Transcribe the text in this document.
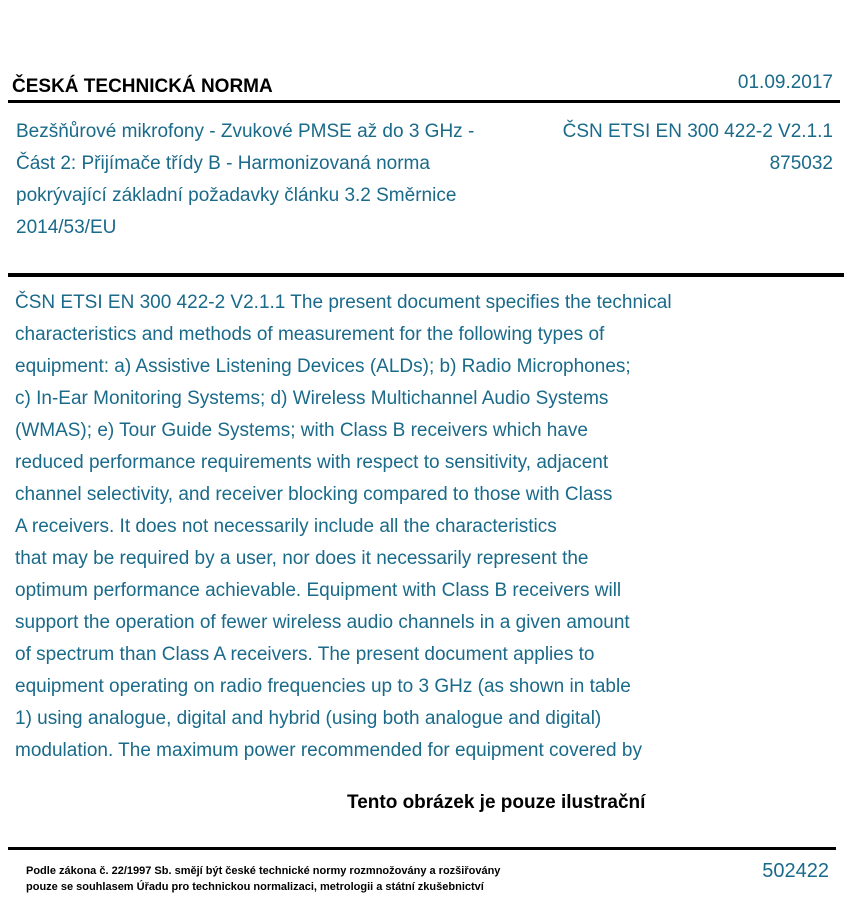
ČESKÁ TECHNICKÁ NORMA	01.09.2017
Bezšňůrové mikrofony - Zvukové PMSE až do 3 GHz - Část 2: Přijímače třídy B - Harmonizovaná norma pokrývající základní požadavky článku 3.2 Směrnice 2014/53/EU
ČSN ETSI EN 300 422-2 V2.1.1
875032
ČSN ETSI EN 300 422-2 V2.1.1 The present document specifies the technical
characteristics and methods of measurement for the following types of
equipment: a) Assistive Listening Devices (ALDs); b) Radio Microphones;
c) In-Ear Monitoring Systems; d) Wireless Multichannel Audio Systems
(WMAS); e) Tour Guide Systems; with Class B receivers which have
reduced performance requirements with respect to sensitivity, adjacent
channel selectivity, and receiver blocking compared to those with Class
A receivers. It does not necessarily include all the characteristics
that may be required by a user, nor does it necessarily represent the
optimum performance achievable. Equipment with Class B receivers will
support the operation of fewer wireless audio channels in a given amount
of spectrum than Class A receivers. The present document applies to
equipment operating on radio frequencies up to 3 GHz (as shown in table
1) using analogue, digital and hybrid (using both analogue and digital)
modulation. The maximum power recommended for equipment covered by
Tento obrázek je pouze ilustrační
Podle zákona č. 22/1997 Sb. smějí být české technické normy rozmnožovány a rozšiřovány
pouze se souhlasem Úřadu pro technickou normalizaci, metrologii a státní zkušebnictví
502422
